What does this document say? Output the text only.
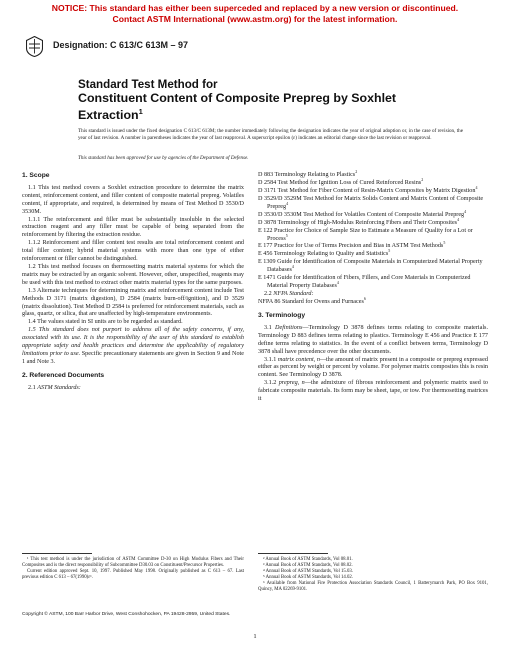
NOTICE: This standard has either been superceded and replaced by a new version or discontinued.
Contact ASTM International (www.astm.org) for the latest information.
Designation: C 613/C 613M – 97
Standard Test Method for
Constituent Content of Composite Prepreg by Soxhlet
Extraction$^1$
This standard is issued under the fixed designation C 613/C 613M; the number immediately following the designation indicates the year of original adoption or, in the case of revision, the year of last revision. A number in parentheses indicates the year of last reapproval. A superscript epsilon (ε) indicates an editorial change since the last revision or reapproval.
This standard has been approved for use by agencies of the Department of Defense.

1. Scope

1.1 This test method covers a Soxhlet extraction procedure to determine the matrix content, reinforcement content, and filler content of composite material prepreg. Volatiles content, if appropriate, and required, is determined by means of Test Method D 3530/D 3530M.

1.1.1 The reinforcement and filler must be substantially insoluble in the selected extraction reagent and any filler must be capable of being separated from the reinforcement by filtering the extraction residue.

1.1.2 Reinforcement and filler content test results are total reinforcement content and total filler content; hybrid material systems with more than one type of either reinforcement or filler cannot be distinguished.

1.2 This test method focuses on thermosetting matrix material systems for which the matrix may be extracted by an organic solvent. However, other, unspecified, reagents may be used with this test method to extract other matrix material types for the same purposes.

1.3 Alternate techniques for determining matrix and reinforcement content include Test Methods D 3171 (matrix digestion), D 2584 (matrix burn-off/ignition), and D 3529 (matrix dissolution). Test Method D 2584 is preferred for reinforcement materials, such as glass, quartz, or silica, that are unaffected by high-temperature environments.

1.4 The values stated in SI units are to be regarded as standard.

1.5 This standard does not purport to address all of the safety concerns, if any, associated with its use. It is the responsibility of the user of this standard to establish appropriate safety and health practices and determine the applicability of regulatory limitations prior to use. Specific precautionary statements are given in Section 9 and Note 1 and Note 3.

2. Referenced Documents

2.1 ASTM Standards:

D 883 Terminology Relating to Plastics$^2$

D 2584 Test Method for Ignition Loss of Cured Reinforced Resins$^2$

D 3171 Test Method for Fiber Content of Resin-Matrix Composites by Matrix Digestion$^4$

D 3529/D 3529M Test Method for Matrix Solids Content and Matrix Content of Composite Prepreg$^4$

D 3530/D 3530M Test Method for Volatiles Content of Composite Material Prepreg$^4$

D 3878 Terminology of High-Modulus Reinforcing Fibers and Their Composites$^4$

E 122 Practice for Choice of Sample Size to Estimate a Measure of Quality for a Lot or Process$^5$

E 177 Practice for Use of Terms Precision and Bias in ASTM Test Methods$^5$

E 456 Terminology Relating to Quality and Statistics$^5$

E 1309 Guide for Identification of Composite Materials in Computerized Material Property Databases$^4$

E 1471 Guide for Identification of Fibers, Fillers, and Core Materials in Computerized Material Property Databases$^4$

2.2 NFPA Standard:

NFPA 86 Standard for Ovens and Furnaces$^6$

3. Terminology

3.1 Definitions—Terminology D 3878 defines terms relating to composite materials. Terminology D 883 defines terms relating to plastics. Terminology E 456 and Practice E 177 define terms relating to statistics. In the event of a conflict between terms, Terminology D 3878 shall have precedence over the other documents.

3.1.1 matrix content, n—the amount of matrix present in a composite or prepreg expressed either as percent by weight or percent by volume. For polymer matrix composites this is resin content. See Terminology D 3878.

3.1.2 prepreg, n—the admixture of fibrous reinforcement and polymeric matrix used to fabricate composite materials. Its form may be sheet, tape, or tow. For thermosetting matrices it

¹ This test method is under the jurisdiction of ASTM Committee D-30 on High Modulus Fibers and Their Composites and is the direct responsibility of Subcommittee D30.03 on Constituent/Precursor Properties.

Current edition approved Sept. 10, 1997. Published May 1998. Originally published as C 613 – 67. Last previous edition C 613 – 67(1990)ε¹.

² Annual Book of ASTM Standards, Vol 08.01.

³ Annual Book of ASTM Standards, Vol 08.02.

⁴ Annual Book of ASTM Standards, Vol 15.03.

⁵ Annual Book of ASTM Standards, Vol 14.02.

⁶ Available from National Fire Protection Association Standards Council, 1 Batterymarch Park, PO Box 9101, Quincy, MA 02269-9101.

Copyright © ASTM, 100 Barr Harbor Drive, West Conshohocken, PA 19428-2959, United States.
1
